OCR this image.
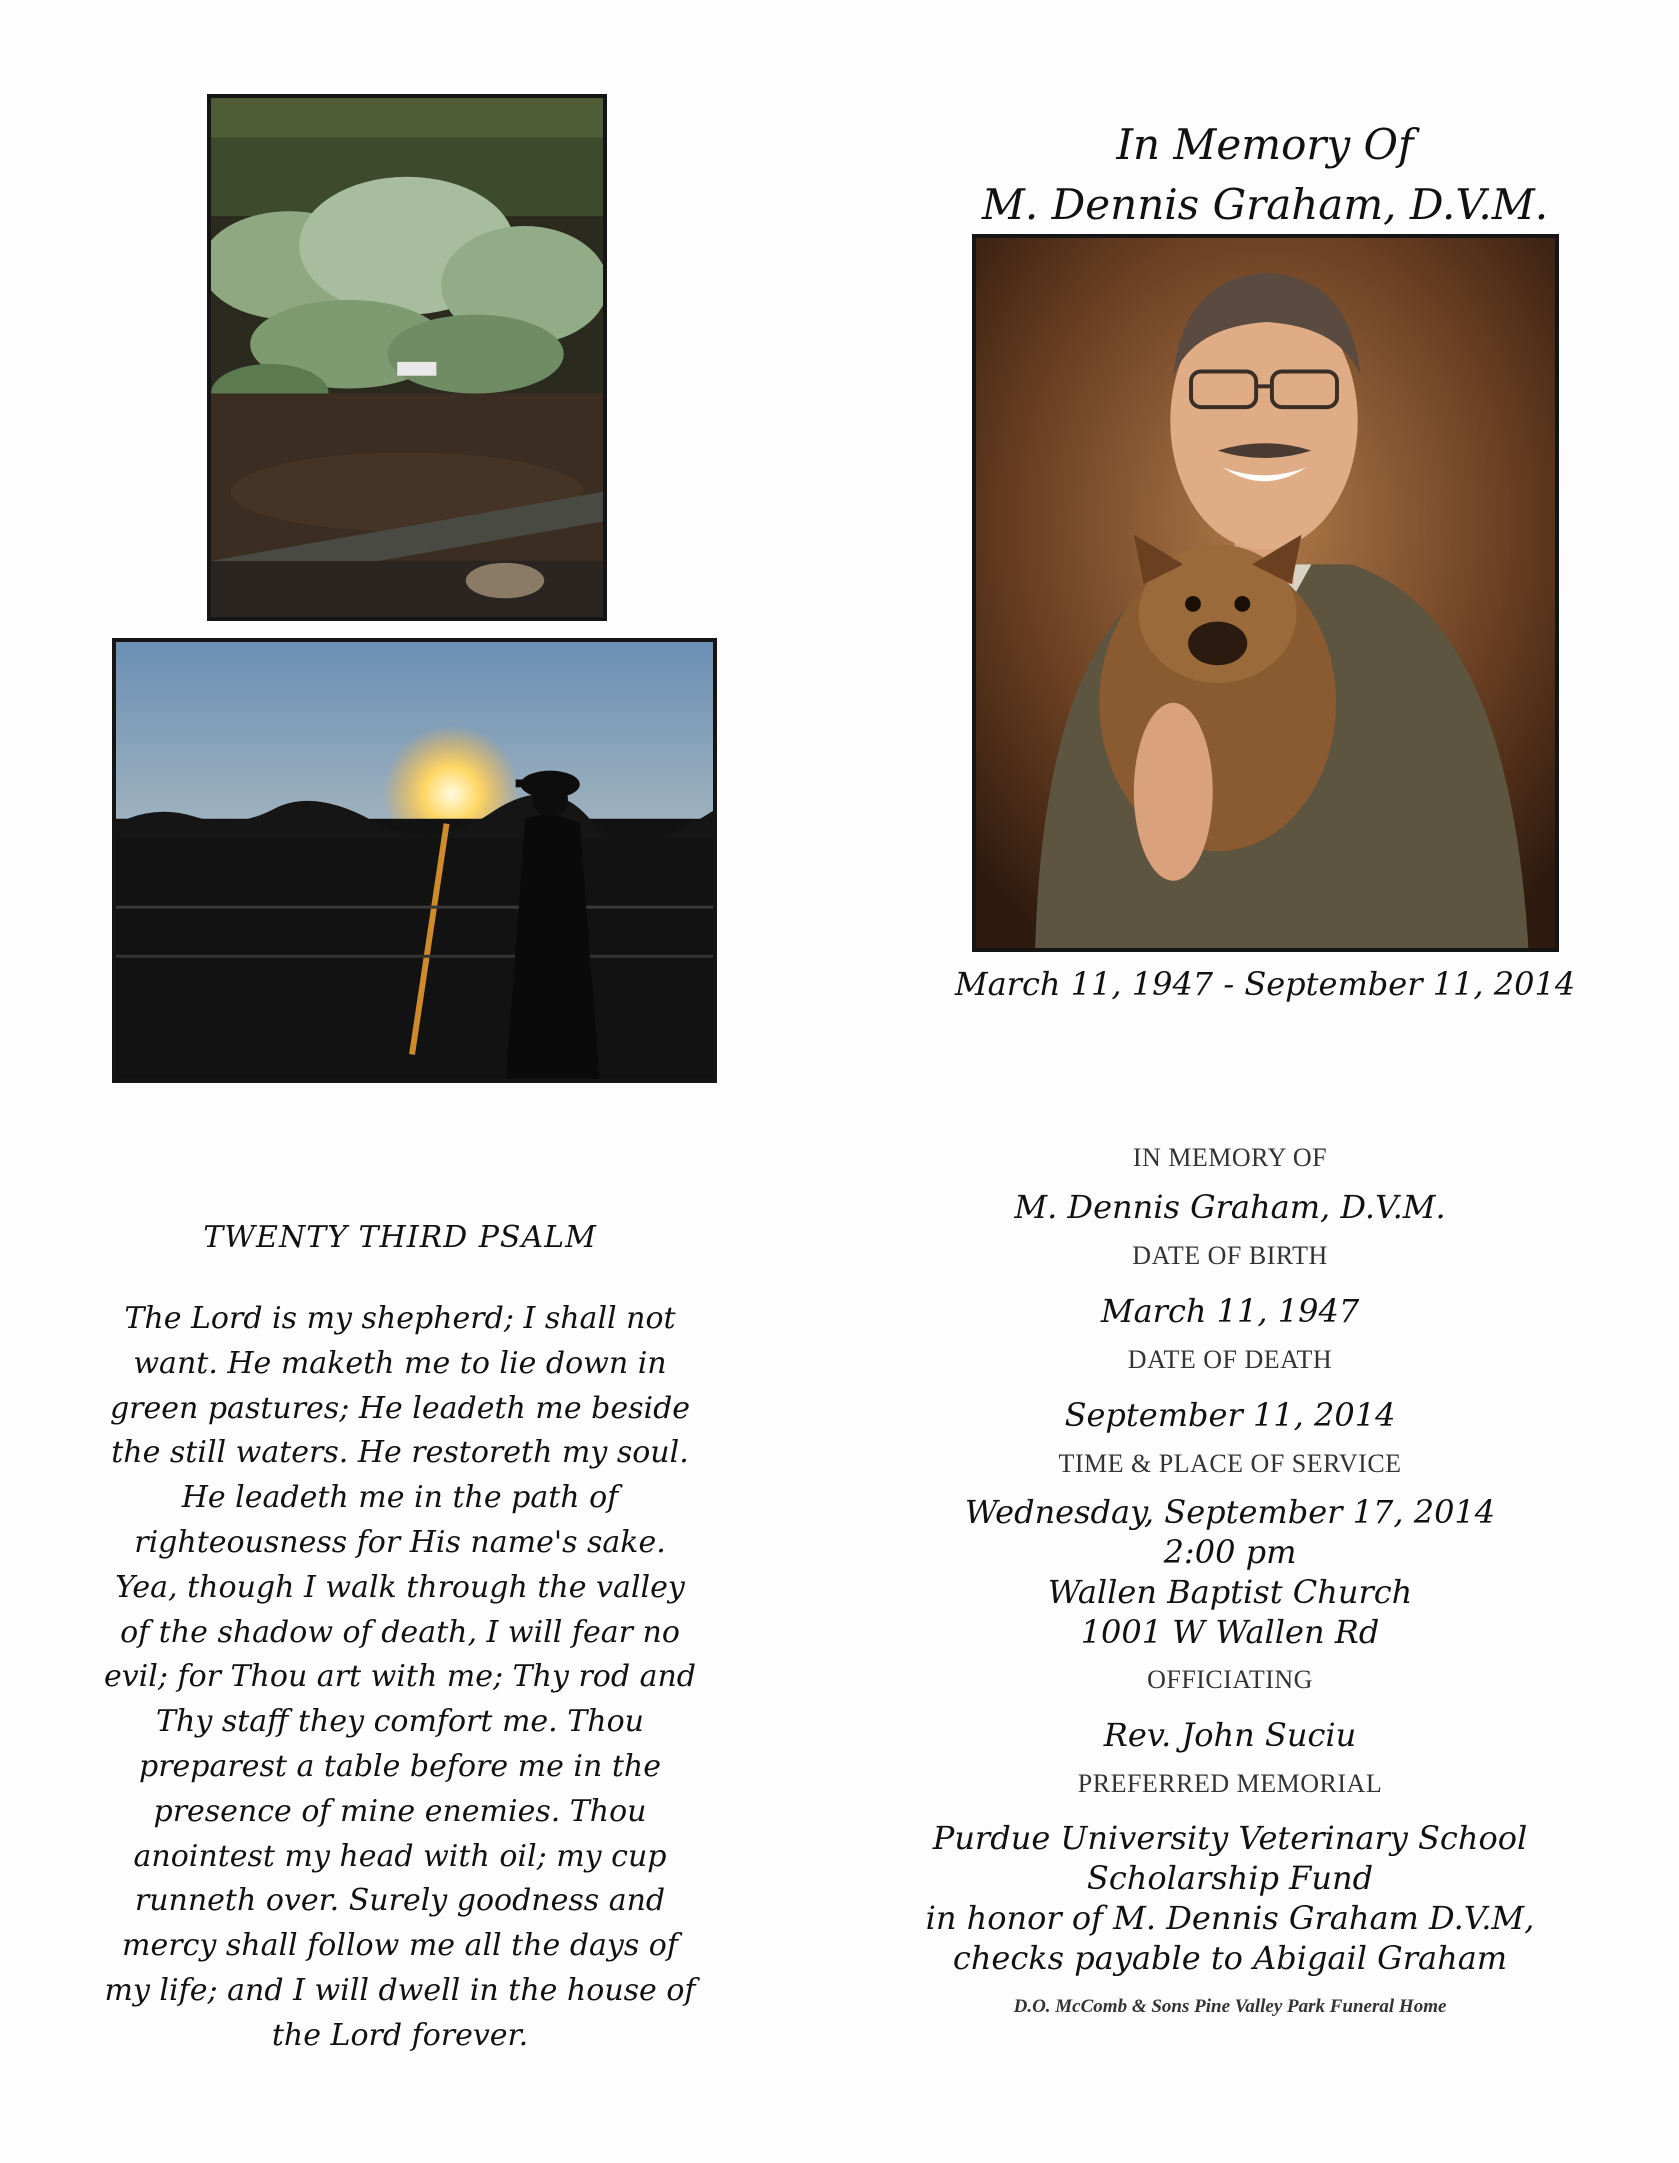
In Memory Of
M. Dennis Graham, D.V.M.
March 11, 1947 - September 11, 2014
TWENTY THIRD PSALM
The Lord is my shepherd; I shall not
want. He maketh me to lie down in
green pastures; He leadeth me beside
the still waters. He restoreth my soul.
He leadeth me in the path of
righteousness for His name's sake.
Yea, though I walk through the valley
of the shadow of death, I will fear no
evil; for Thou art with me; Thy rod and
Thy staff they comfort me. Thou
preparest a table before me in the
presence of mine enemies. Thou
anointest my head with oil; my cup
runneth over. Surely goodness and
mercy shall follow me all the days of
my life; and I will dwell in the house of
the Lord forever.
IN MEMORY OF
M. Dennis Graham, D.V.M.
DATE OF BIRTH
March 11, 1947
DATE OF DEATH
September 11, 2014
TIME & PLACE OF SERVICE
Wednesday, September 17, 2014
2:00 pm
Wallen Baptist Church
1001 W Wallen Rd
OFFICIATING
Rev. John Suciu
PREFERRED MEMORIAL
Purdue University Veterinary School
Scholarship Fund
in honor of M. Dennis Graham D.V.M,
checks payable to Abigail Graham
D.O. McComb & Sons Pine Valley Park Funeral Home
